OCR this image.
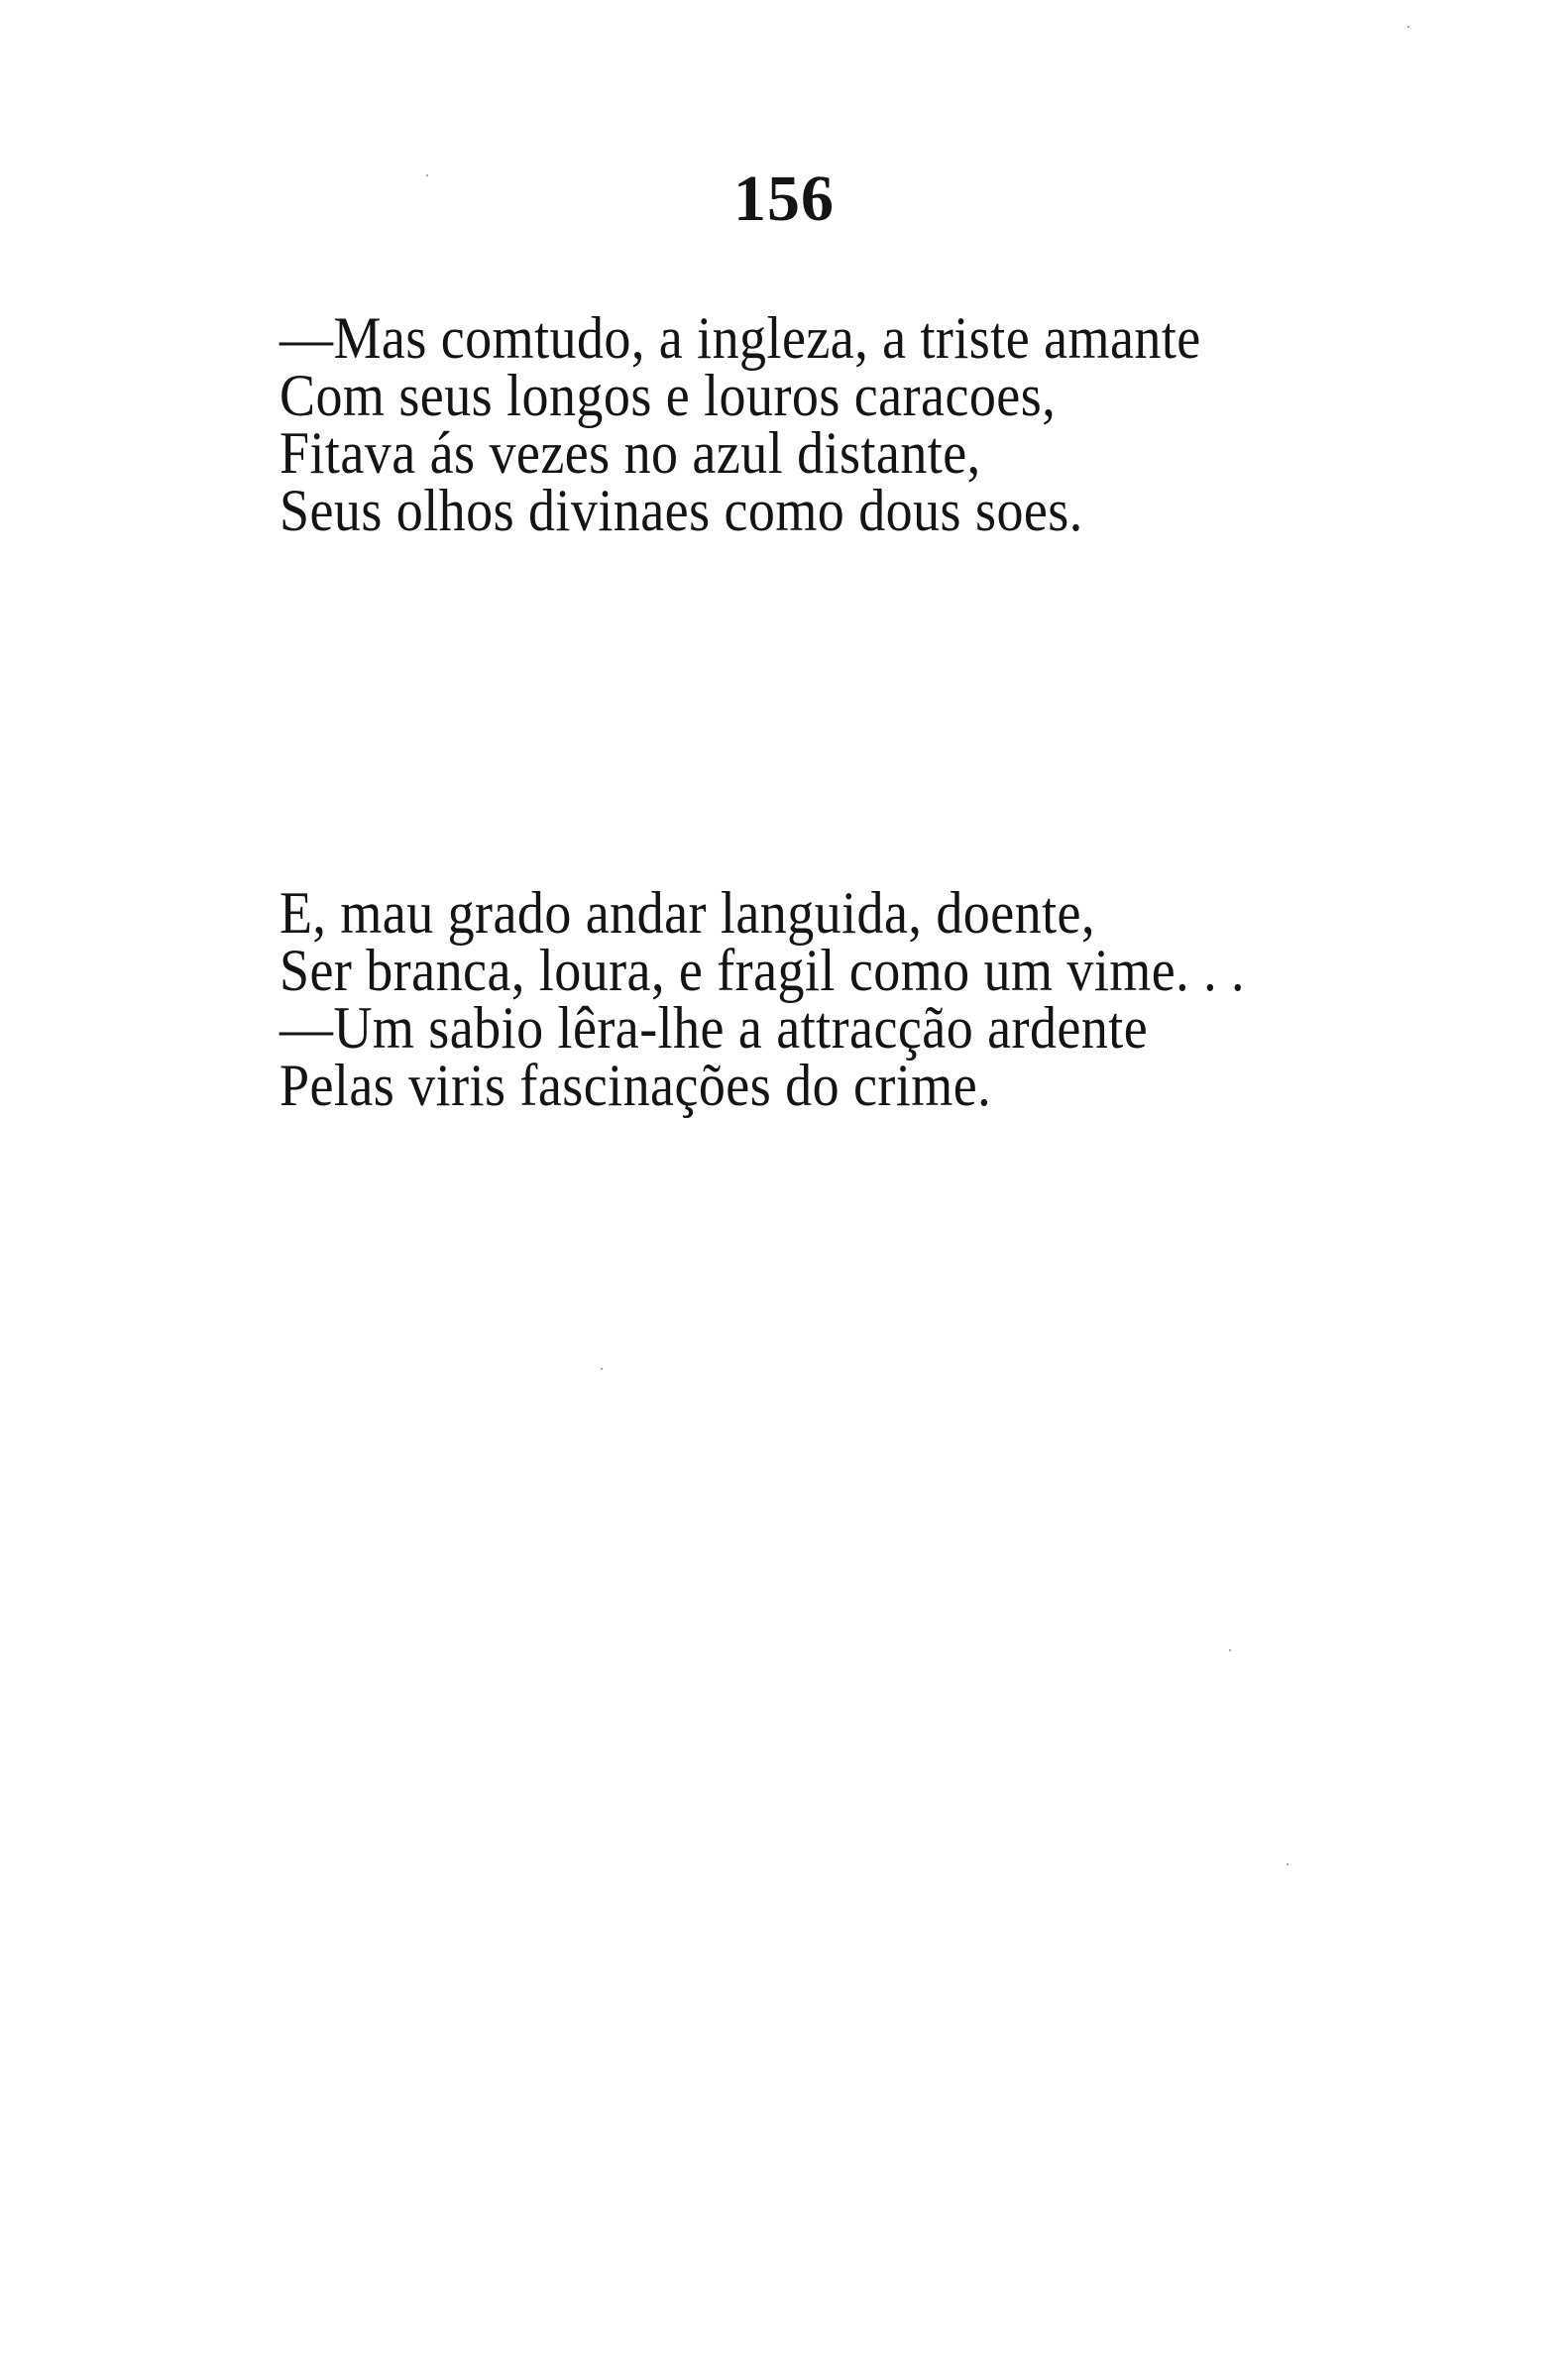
156
—Mas comtudo, a ingleza, a triste amante
Com seus longos e louros caracoes,
Fitava ás vezes no azul distante,
Seus olhos divinaes como dous soes.
E, mau grado andar languida, doente,
Ser branca, loura, e fragil como um vime. . .
—Um sabio lêra-lhe a attracção ardente
Pelas viris fascinações do crime.
